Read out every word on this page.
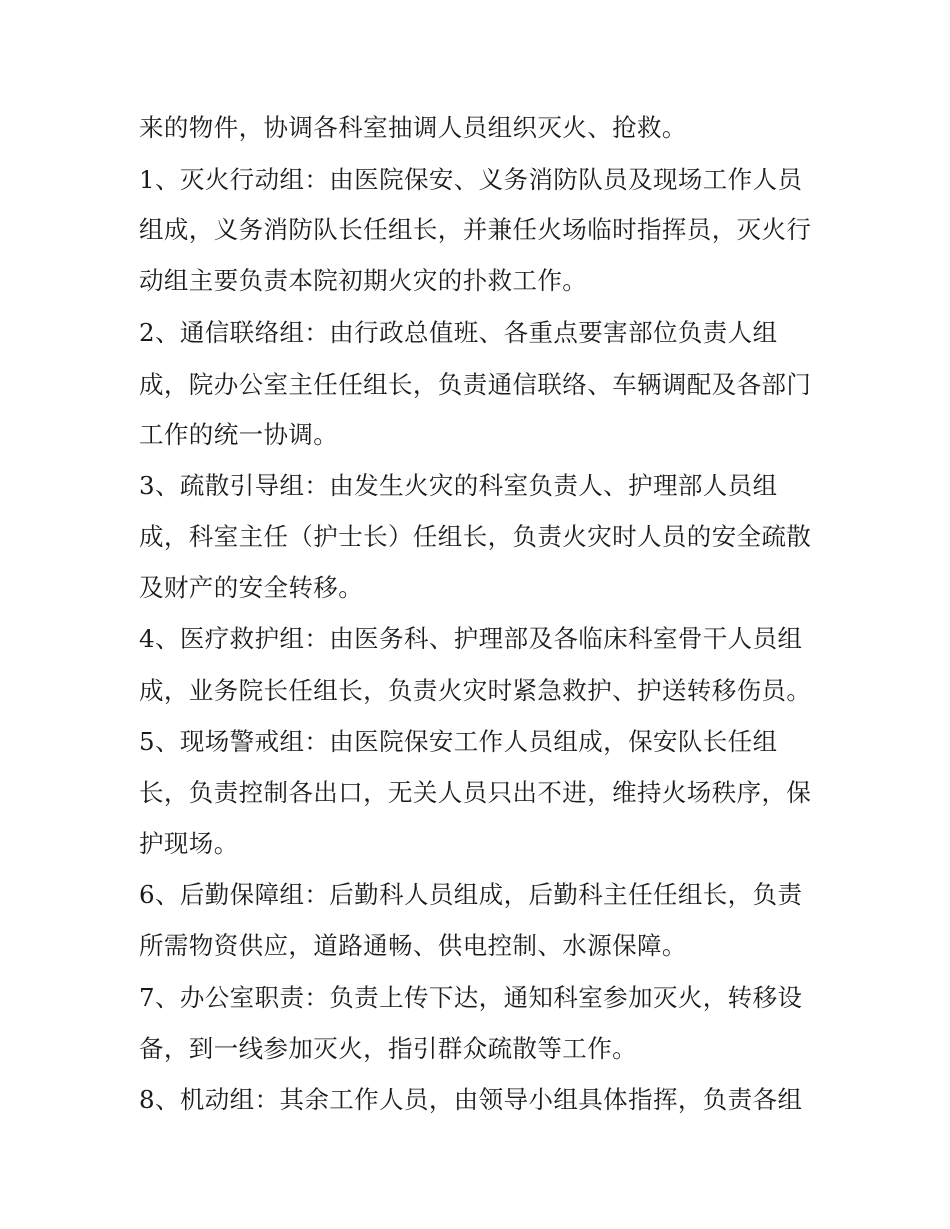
来的物件，协调各科室抽调人员组织灭火、抢救。
1、灭火行动组：由医院保安、义务消防队员及现场工作人员
组成，义务消防队长任组长，并兼任火场临时指挥员，灭火行
动组主要负责本院初期火灾的扑救工作。
2、通信联络组：由行政总值班、各重点要害部位负责人组
成，院办公室主任任组长，负责通信联络、车辆调配及各部门
工作的统一协调。
3、疏散引导组：由发生火灾的科室负责人、护理部人员组
成，科室主任（护士长）任组长，负责火灾时人员的安全疏散
及财产的安全转移。
4、医疗救护组：由医务科、护理部及各临床科室骨干人员组
成，业务院长任组长，负责火灾时紧急救护、护送转移伤员。
5、现场警戒组：由医院保安工作人员组成，保安队长任组
长，负责控制各出口，无关人员只出不进，维持火场秩序，保
护现场。
6、后勤保障组：后勤科人员组成，后勤科主任任组长，负责
所需物资供应，道路通畅、供电控制、水源保障。
7、办公室职责：负责上传下达，通知科室参加灭火，转移设
备，到一线参加灭火，指引群众疏散等工作。
8、机动组：其余工作人员，由领导小组具体指挥，负责各组
